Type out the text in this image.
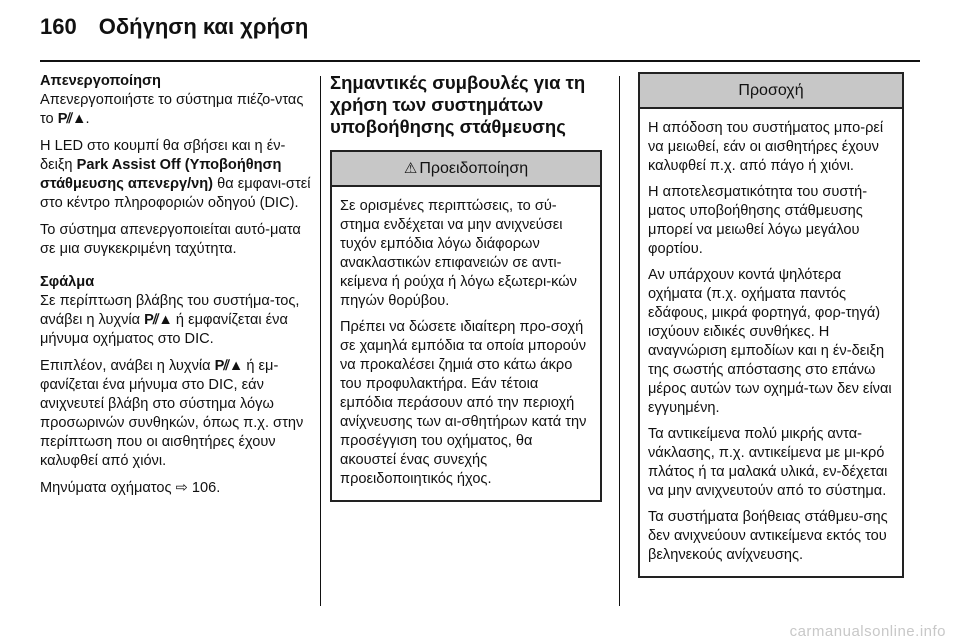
160 Οδήγηση και χρήση

Απενεργοποίηση

Απενεργοποιήστε το σύστημα πιέζο-ντας το P⫽▲.

Η LED στο κουμπί θα σβήσει και η έν-δειξη Park Assist Off (Υποβοήθηση στάθμευσης απενεργ/νη) θα εμφανι-στεί στο κέντρο πληροφοριών οδηγού (DIC).

Το σύστημα απενεργοποιείται αυτό-ματα σε μια συγκεκριμένη ταχύτητα.

Σφάλμα

Σε περίπτωση βλάβης του συστήμα-τος, ανάβει η λυχνία P⫽▲ ή εμφανίζεται ένα μήνυμα οχήματος στο DIC.

Επιπλέον, ανάβει η λυχνία P⫽▲ ή εμ-φανίζεται ένα μήνυμα στο DIC, εάν ανιχνευτεί βλάβη στο σύστημα λόγω προσωρινών συνθηκών, όπως π.χ. στην περίπτωση που οι αισθητήρες έχουν καλυφθεί από χιόνι.

Μηνύματα οχήματος ⇨ 106.

Σημαντικές συμβουλές για τη χρήση των συστημάτων υποβοήθησης στάθμευσης
⚠ Προειδοποίηση

Σε ορισμένες περιπτώσεις, το σύ-στημα ενδέχεται να μην ανιχνεύσει τυχόν εμπόδια λόγω διάφορων ανακλαστικών επιφανειών σε αντι-κείμενα ή ρούχα ή λόγω εξωτερι-κών πηγών θορύβου.

Πρέπει να δώσετε ιδιαίτερη προ-σοχή σε χαμηλά εμπόδια τα οποία μπορούν να προκαλέσει ζημιά στο κάτω άκρο του προφυλακτήρα. Εάν τέτοια εμπόδια περάσουν από την περιοχή ανίχνευσης των αι-σθητήρων κατά την προσέγγιση του οχήματος, θα ακουστεί ένας συνεχής προειδοποιητικός ήχος.

Προσοχή

Η απόδοση του συστήματος μπο-ρεί να μειωθεί, εάν οι αισθητήρες έχουν καλυφθεί π.χ. από πάγο ή χιόνι.

Η αποτελεσματικότητα του συστή-ματος υποβοήθησης στάθμευσης μπορεί να μειωθεί λόγω μεγάλου φορτίου.

Αν υπάρχουν κοντά ψηλότερα οχήματα (π.χ. οχήματα παντός εδάφους, μικρά φορτηγά, φορ-τηγά) ισχύουν ειδικές συνθήκες. Η αναγνώριση εμποδίων και η έν-δειξη της σωστής απόστασης στο επάνω μέρος αυτών των οχημά-των δεν είναι εγγυημένη.

Τα αντικείμενα πολύ μικρής αντα-νάκλασης, π.χ. αντικείμενα με μι-κρό πλάτος ή τα μαλακά υλικά, εν-δέχεται να μην ανιχνευτούν από το σύστημα.

Τα συστήματα βοήθειας στάθμευ-σης δεν ανιχνεύουν αντικείμενα εκτός του βεληνεκούς ανίχνευσης.

carmanualsonline.info
